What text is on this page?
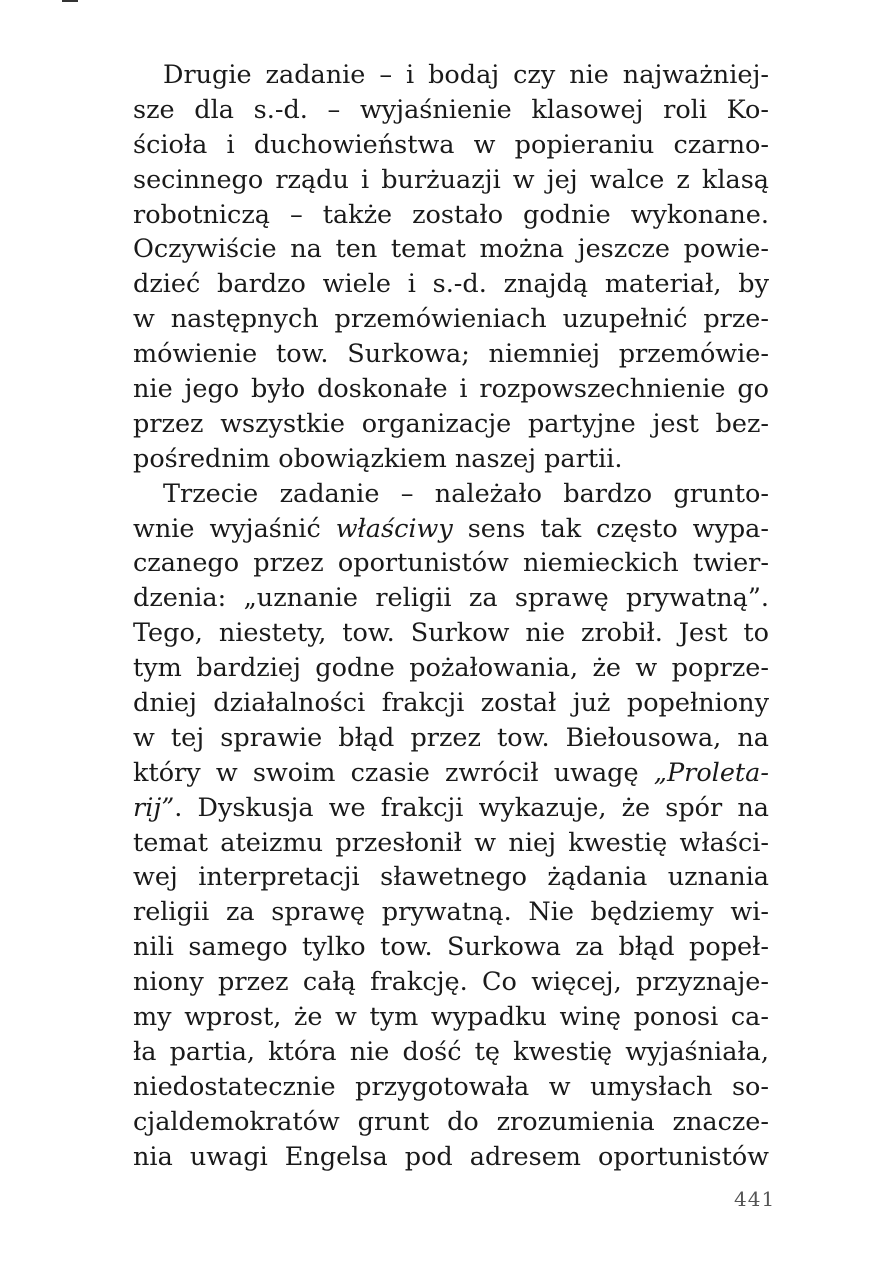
Drugie zadanie – i bodaj czy nie najważniej-
sze dla s.-d. – wyjaśnienie klasowej roli Ko-
ścioła i duchowieństwa w popieraniu czarno-
secinnego rządu i burżuazji w jej walce z klasą
robotniczą – także zostało godnie wykonane.
Oczywiście na ten temat można jeszcze powie-
dzieć bardzo wiele i s.-d. znajdą materiał, by
w następnych przemówieniach uzupełnić prze-
mówienie tow. Surkowa; niemniej przemówie-
nie jego było doskonałe i rozpowszechnienie go
przez wszystkie organizacje partyjne jest bez-
pośrednim obowiązkiem naszej partii.
Trzecie zadanie – należało bardzo grunto-
wnie wyjaśnić właściwy sens tak często wypa-
czanego przez oportunistów niemieckich twier-
dzenia: „uznanie religii za sprawę prywatną”.
Tego, niestety, tow. Surkow nie zrobił. Jest to
tym bardziej godne pożałowania, że w poprze-
dniej działalności frakcji został już popełniony
w tej sprawie błąd przez tow. Biełousowa, na
który w swoim czasie zwrócił uwagę „Proleta-
rij”. Dyskusja we frakcji wykazuje, że spór na
temat ateizmu przesłonił w niej kwestię właści-
wej interpretacji sławetnego żądania uznania
religii za sprawę prywatną. Nie będziemy wi-
nili samego tylko tow. Surkowa za błąd popeł-
niony przez całą frakcję. Co więcej, przyznaje-
my wprost, że w tym wypadku winę ponosi ca-
ła partia, która nie dość tę kwestię wyjaśniała,
niedostatecznie przygotowała w umysłach so-
cjaldemokratów grunt do zrozumienia znacze-
nia uwagi Engelsa pod adresem oportunistów
441
